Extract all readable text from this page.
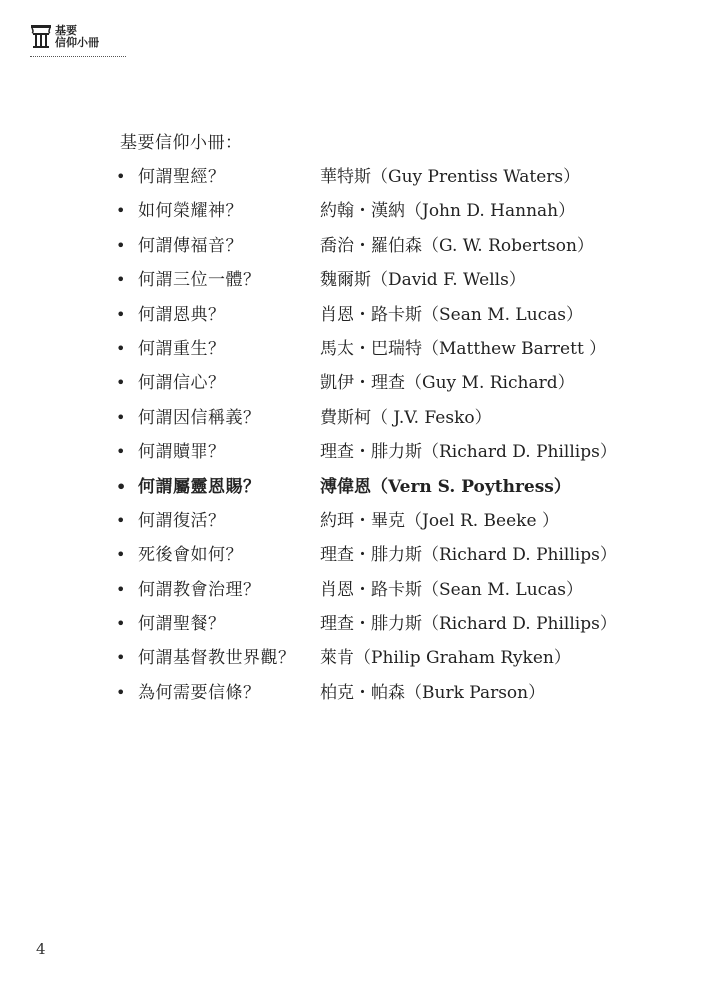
基要
信仰小冊
基要信仰小冊：
• 何謂聖經？	華特斯（Guy Prentiss Waters）
• 如何榮耀神？	約翰・漢納（John D. Hannah）
• 何謂傳福音？	喬治・羅伯森（G. W. Robertson）
• 何謂三位一體？	魏爾斯（David F. Wells）
• 何謂恩典？	肖恩・路卡斯（Sean M. Lucas）
• 何謂重生？	馬太・巴瑞特（Matthew Barrett ）
• 何謂信心？	凱伊・理查（Guy M. Richard）
• 何謂因信稱義？	費斯柯（ J.V. Fesko）
• 何謂贖罪？	理查・腓力斯（Richard D. Phillips）
• 何謂屬靈恩賜？	溥偉恩（Vern S. Poythress）
• 何謂復活？	約珥・畢克（Joel R. Beeke ）
• 死後會如何？	理查・腓力斯（Richard D. Phillips）
• 何謂教會治理？	肖恩・路卡斯（Sean M. Lucas）
• 何謂聖餐？	理查・腓力斯（Richard D. Phillips）
• 何謂基督教世界觀？ 萊肯（Philip Graham Ryken）
• 為何需要信條？	柏克・帕森（Burk Parson）
4
